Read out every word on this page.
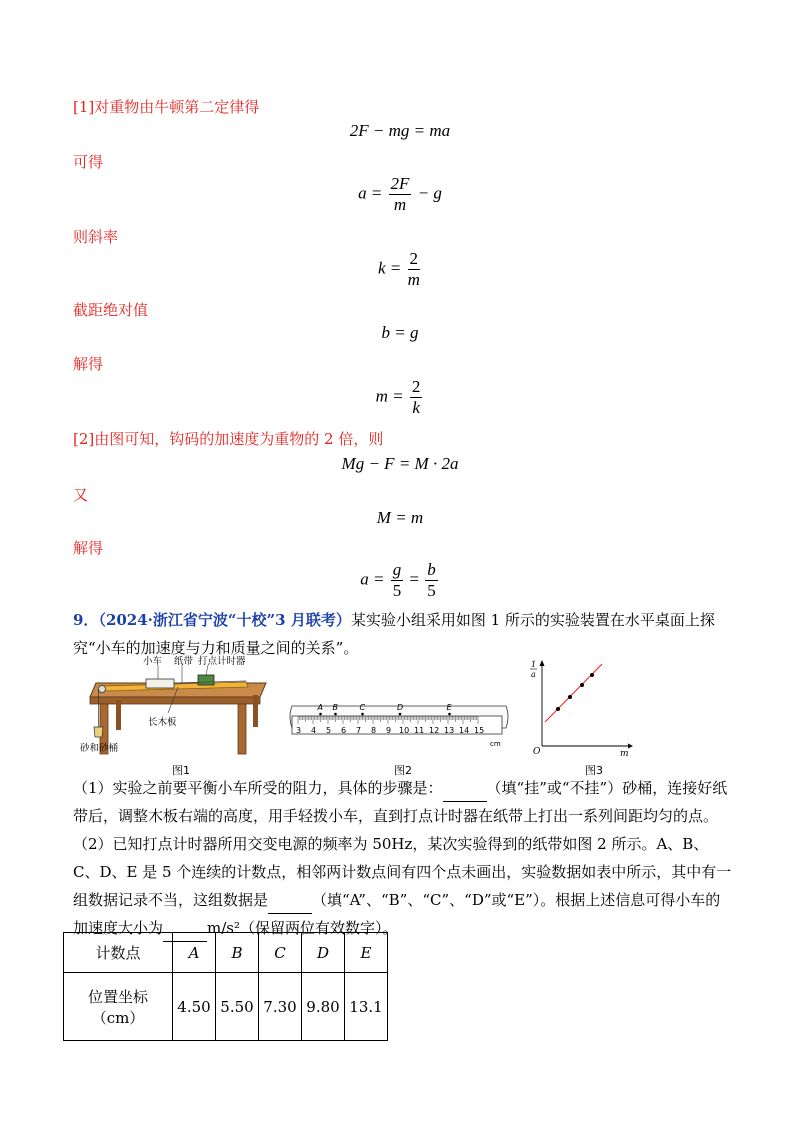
[1]对重物由牛顿第二定律得
2F − mg = ma
可得
$a = \frac{2F}{m} - g$
则斜率
$k = \frac{2}{m}$
截距绝对值
b = g
解得
$m = \frac{2}{k}$
[2]由图可知，钩码的加速度为重物的 2 倍，则
Mg − F = M · 2a
又
M = m
解得
$a = \frac{g}{5} = \frac{b}{5}$
9．（2024·浙江省宁波“十校”3 月联考）某实验小组采用如图 1 所示的实验装置在水平桌面上探究“小车的加速度与力和质量之间的关系”。
小车 纸带 打点计时器
长木板
砂和砂桶
图1
A B	C	D	E
3 4 5 6 7 8 9 10 11 12 13 14 15
cm
图2
1
a
m
O
图3
（1）实验之前要平衡小车所受的阻力，具体的步骤是：	（填“挂”或“不挂”）砂桶，连接好纸带后，调整木板右端的高度，用手轻拨小车，直到打点计时器在纸带上打出一系列间距均匀的点。
（2）已知打点计时器所用交变电源的频率为 50Hz，某次实验得到的纸带如图 2 所示。A、B、C、D、E 是 5 个连续的计数点，相邻两计数点间有四个点未画出，实验数据如表中所示，其中有一组数据记录不当，这组数据是	（填“A”、“B”、“C”、“D”或“E”）。根据上述信息可得小车的加速度大小为	m/s²（保留两位有效数字）。
计数点	A	B	C	D	E

位置坐标
（cm）	4.50	5.50	7.30	9.80	13.1
